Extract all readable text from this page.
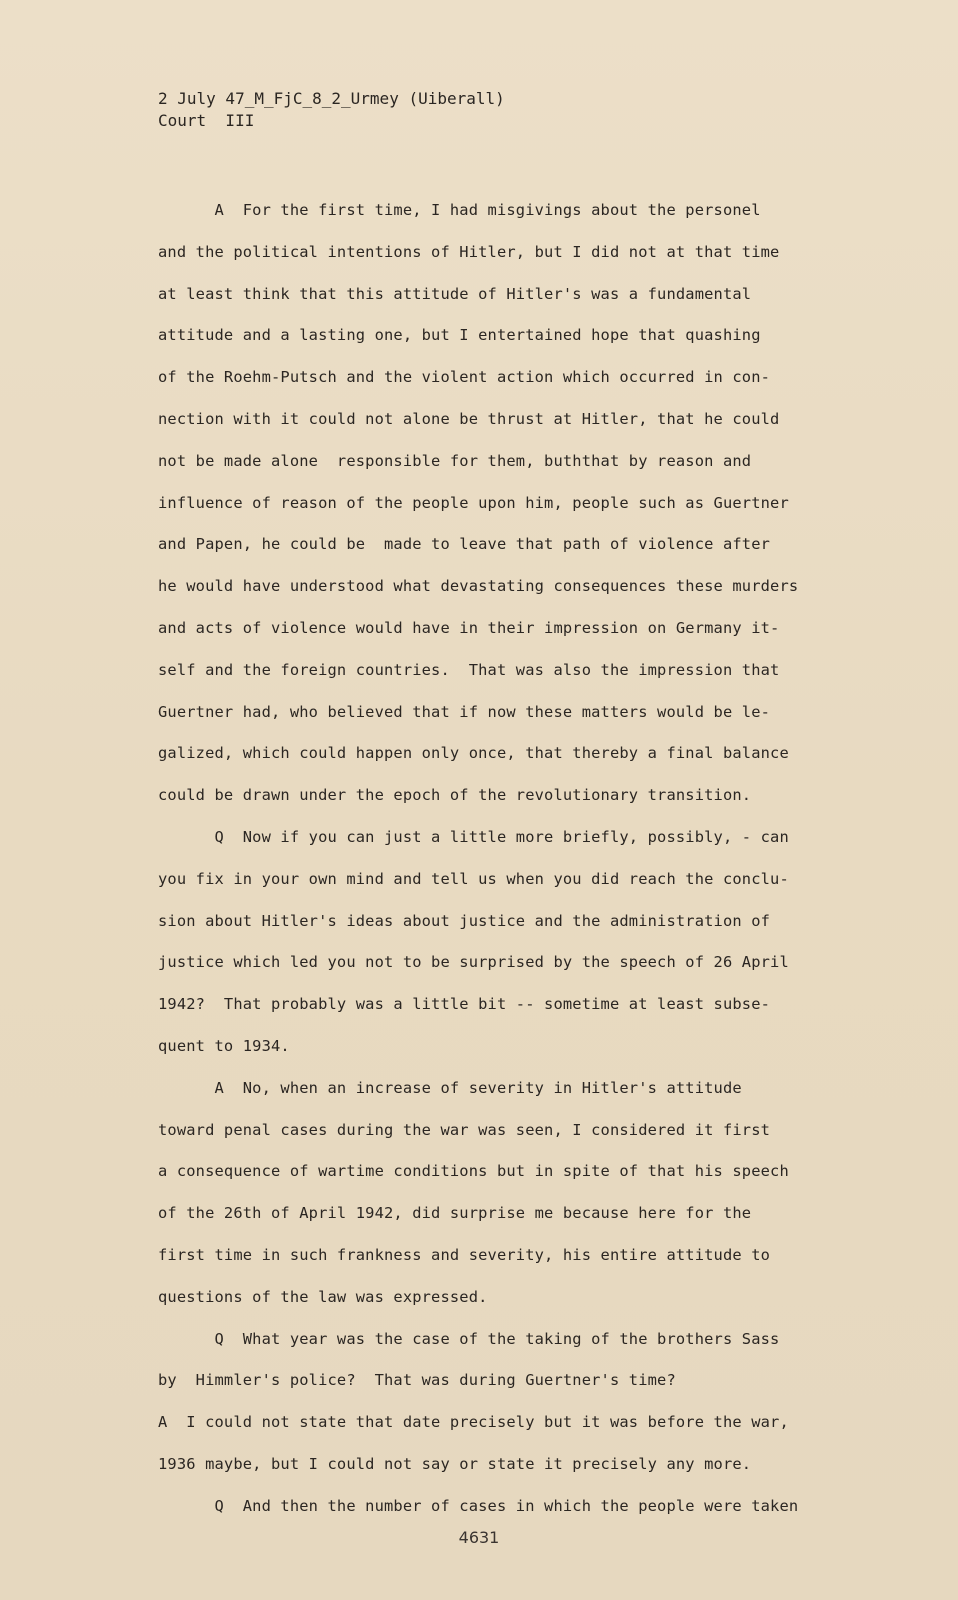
2 July 47_M_FjC_8_2_Urmey (Uiberall)
Court  III
A  For the first time, I had misgivings about the personel
and the political intentions of Hitler, but I did not at that time
at least think that this attitude of Hitler's was a fundamental
attitude and a lasting one, but I entertained hope that quashing
of the Roehm-Putsch and the violent action which occurred in con-
nection with it could not alone be thrust at Hitler, that he could
not be made alone  responsible for them, buththat by reason and
influence of reason of the people upon him, people such as Guertner
and Papen, he could be  made to leave that path of violence after
he would have understood what devastating consequences these murders
and acts of violence would have in their impression on Germany it-
self and the foreign countries.  That was also the impression that
Guertner had, who believed that if now these matters would be le-
galized, which could happen only once, that thereby a final balance
could be drawn under the epoch of the revolutionary transition.
Q  Now if you can just a little more briefly, possibly, - can
you fix in your own mind and tell us when you did reach the conclu-
sion about Hitler's ideas about justice and the administration of
justice which led you not to be surprised by the speech of 26 April
1942?  That probably was a little bit -- sometime at least subse-
quent to 1934.
A  No, when an increase of severity in Hitler's attitude
toward penal cases during the war was seen, I considered it first
a consequence of wartime conditions but in spite of that his speech
of the 26th of April 1942, did surprise me because here for the
first time in such frankness and severity, his entire attitude to
questions of the law was expressed.
Q  What year was the case of the taking of the brothers Sass
by  Himmler's police?  That was during Guertner's time?
A  I could not state that date precisely but it was before the war,
1936 maybe, but I could not say or state it precisely any more.
Q  And then the number of cases in which the people were taken
4631
